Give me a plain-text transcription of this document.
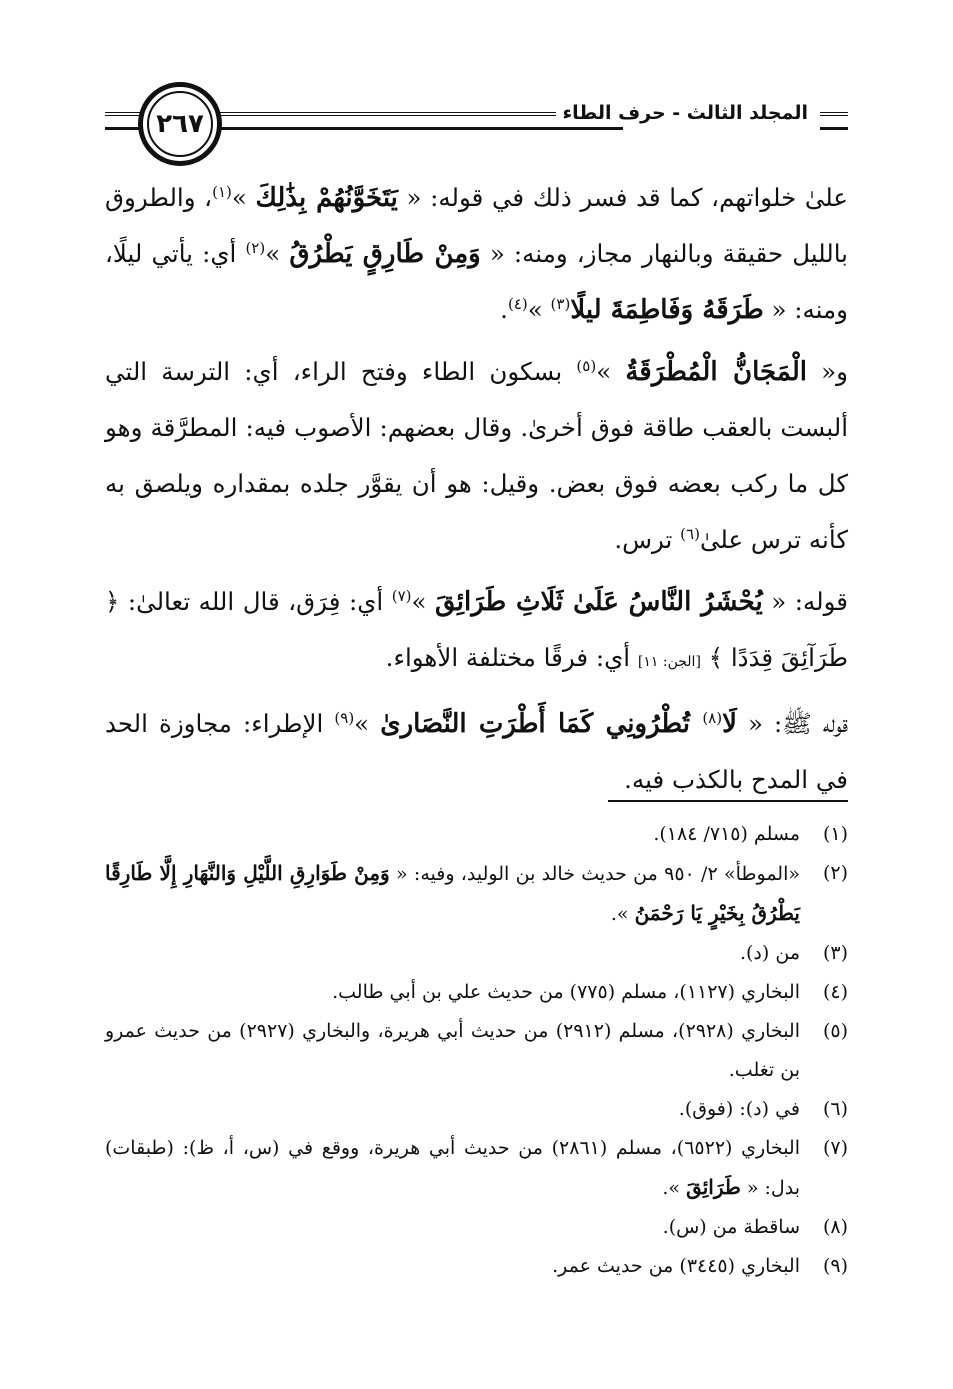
٢٦٧	المجلد الثالث - حرف الطاء

علىٰ خلواتهم، كما قد فسر ذلك في قوله: « يَتَخَوَّنُهُمْ بِذَٰلِكَ »$^{(١)}$، والطروق بالليل حقيقة وبالنهار مجاز، ومنه: « وَمِنْ طَارِقٍ يَطْرُقُ »$^{(٢)}$ أي: يأتي ليلًا، ومنه: « طَرَقَهُ وَفَاطِمَةَ ليلًا$^{(٣)}$ »$^{(٤)}$.

و« الْمَجَانُّ الْمُطْرَقَةُ »$^{(٥)}$ بسكون الطاء وفتح الراء، أي: الترسة التي ألبست بالعقب طاقة فوق أخرىٰ. وقال بعضهم: الأصوب فيه: المطرَّقة وهو كل ما ركب بعضه فوق بعض. وقيل: هو أن يقوَّر جلده بمقداره ويلصق به كأنه ترس علىٰ$^{(٦)}$ ترس.

قوله: « يُحْشَرُ النَّاسُ عَلَىٰ ثَلَاثِ طَرَائِقَ »$^{(٧)}$ أي: فِرَق، قال الله تعالىٰ: ﴿ طَرَآئِقَ قِدَدًا ﴾ [الجن: ١١] أي: فرقًا مختلفة الأهواء.

قوله ﷺ: « لَا$^{(٨)}$ تُطْرُونِي كَمَا أَطْرَتِ النَّصَارىٰ »$^{(٩)}$ الإطراء: مجاوزة الحد في المدح بالكذب فيه.

(١)
مسلم (٧١٥/ ١٨٤).
(٢)
«الموطأ» ٢/ ٩٥٠ من حديث خالد بن الوليد، وفيه: « وَمِنْ طَوَارِقِ اللَّيْلِ وَالنَّهَارِ إِلَّا طَارِقًا يَطْرُقُ بِخَيْرٍ يَا رَحْمَنُ ».
(٣)
من (د).
(٤)
البخاري (١١٢٧)، مسلم (٧٧٥) من حديث علي بن أبي طالب.
(٥)
البخاري (٢٩٢٨)، مسلم (٢٩١٢) من حديث أبي هريرة، والبخاري (٢٩٢٧) من حديث عمرو بن تغلب.
(٦)
في (د): (فوق).
(٧)
البخاري (٦٥٢٢)، مسلم (٢٨٦١) من حديث أبي هريرة، ووقع في (س، أ، ظ): (طبقات) بدل: « طَرَائِقَ ».
(٨)
ساقطة من (س).
(٩)
البخاري (٣٤٤٥) من حديث عمر.
